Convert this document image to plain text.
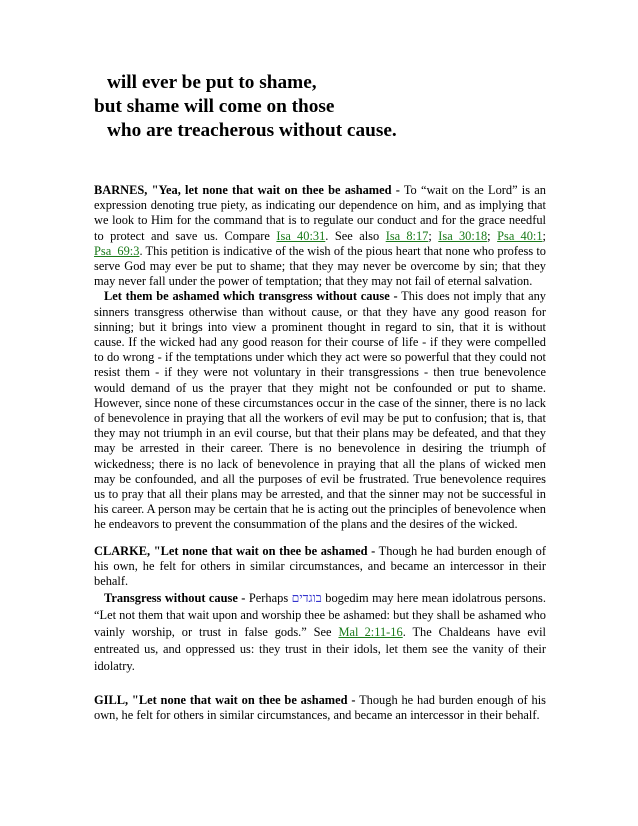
will ever be put to shame,
but shame will come on those
who are treacherous without cause.

BARNES, "Yea, let none that wait on thee be ashamed - To “wait on the Lord” is an expression denoting true piety, as indicating our dependence on him, and as implying that we look to Him for the command that is to regulate our conduct and for the grace needful to protect and save us. Compare Isa_40:31. See also Isa_8:17; Isa_30:18; Psa_40:1; Psa_69:3. This petition is indicative of the wish of the pious heart that none who profess to serve God may ever be put to shame; that they may never be overcome by sin; that they may never fall under the power of temptation; that they may not fail of eternal salvation.

Let them be ashamed which transgress without cause - This does not imply that any sinners transgress otherwise than without cause, or that they have any good reason for sinning; but it brings into view a prominent thought in regard to sin, that it is without cause. If the wicked had any good reason for their course of life - if they were compelled to do wrong - if the temptations under which they act were so powerful that they could not resist them - if they were not voluntary in their transgressions - then true benevolence would demand of us the prayer that they might not be confounded or put to shame. However, since none of these circumstances occur in the case of the sinner, there is no lack of benevolence in praying that all the workers of evil may be put to confusion; that is, that they may not triumph in an evil course, but that their plans may be defeated, and that they may be arrested in their career. There is no benevolence in desiring the triumph of wickedness; there is no lack of benevolence in praying that all the plans of wicked men may be confounded, and all the purposes of evil be frustrated. True benevolence requires us to pray that all their plans may be arrested, and that the sinner may not be successful in his career. A person may be certain that he is acting out the principles of benevolence when he endeavors to prevent the consummation of the plans and the desires of the wicked.

CLARKE, "Let none that wait on thee be ashamed - Though he had burden enough of his own, he felt for others in similar circumstances, and became an intercessor in their behalf.

Transgress without cause - Perhaps בוגדים bogedim may here mean idolatrous persons. “Let not them that wait upon and worship thee be ashamed: but they shall be ashamed who vainly worship, or trust in false gods.” See Mal_2:11-16. The Chaldeans have evil entreated us, and oppressed us: they trust in their idols, let them see the vanity of their idolatry.

GILL, "Let none that wait on thee be ashamed - Though he had burden enough of his own, he felt for others in similar circumstances, and became an intercessor in their behalf.
